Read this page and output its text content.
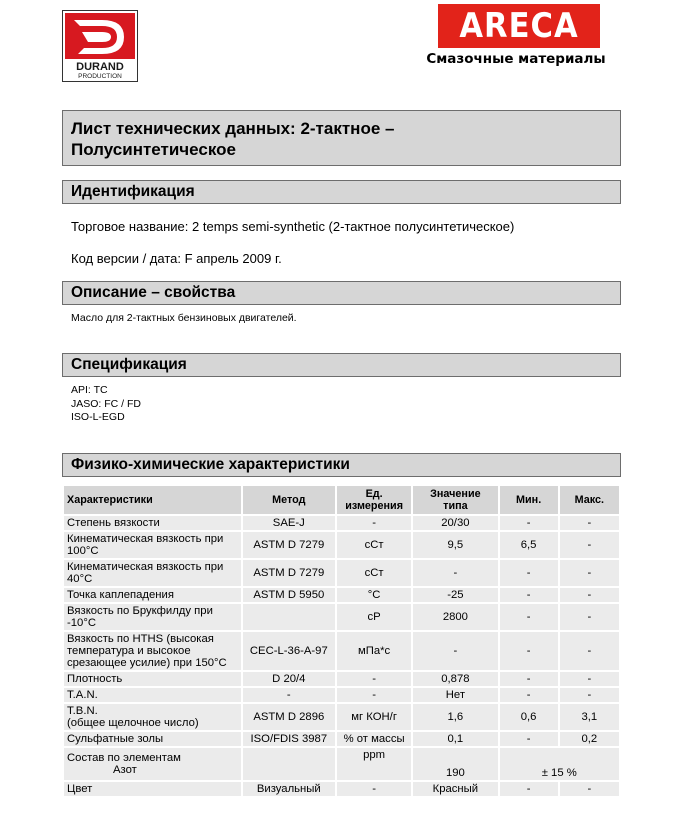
DURAND
PRODUCTION
ARECA
Смазочные материалы
Лист технических данных: 2-тактное –
Полусинтетическое
Идентификация
Торговое название: 2 temps semi-synthetic (2-тактное полусинтетическое)
Код версии / дата: F апрель 2009 г.
Описание – свойства
Масло для 2-тактных бензиновых двигателей.
Спецификация
API: TC
JASO: FC / FD
ISO-L-EGD
Физико-химические характеристики
Характеристики	Метод	Ед.
измерения	Значение
типа	Мин.	Макс.
Степень вязкости	SAE-J	-	20/30	-	-
Кинематическая вязкость при
100°C	ASTM D 7279	сСт	9,5	6,5	-
Кинематическая вязкость при
40°C	ASTM D 7279	сСт	-	-	-
Точка каплепадения	ASTM D 5950	°C	-25	-	-
Вязкость по Брукфилду при
-10°C		cP	2800	-	-
Вязкость по HTHS (высокая
температура и высокое
срезающее усилие) при 150°C	CEC-L-36-A-97	мПа*с	-	-	-
Плотность	D 20/4	-	0,878	-	-
T.A.N.	-	-	Нет	-	-
T.B.N.
(общее щелочное число)	ASTM D 2896	мг КОН/г	1,6	0,6	3,1
Сульфатные золы	ISO/FDIS 3987	% от массы	0,1	-	0,2

Состав по элементам
Азот		ppm	190	± 15 %	
Цвет	Визуальный	-	Красный	-	-
